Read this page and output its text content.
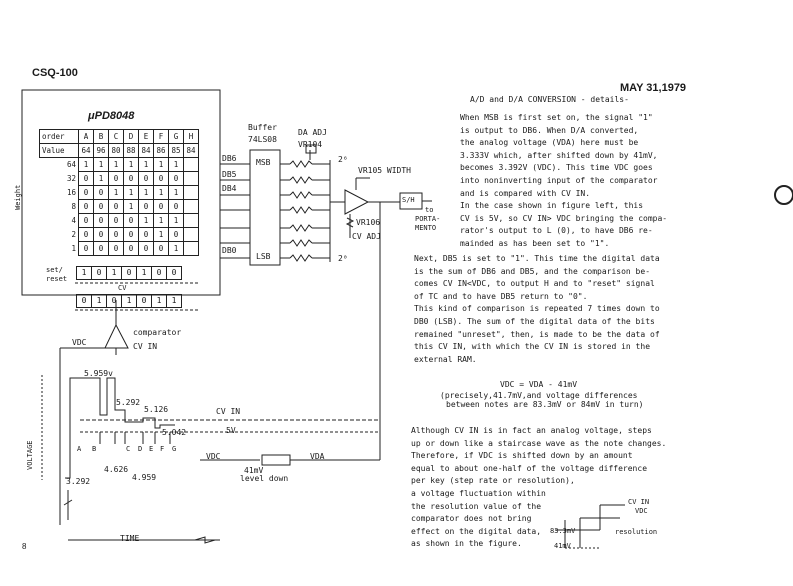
CSQ-100
MAY 31,1979
A/D and D/A CONVERSION - details-
8
μPD8048
order	A	B	C	D	E	F	G	H
Value	64	96	80	88	84	86	85	84
64	1	1	1	1	1	1	1	
32	0	1	0	0	0	0	0	
16	0	0	1	1	1	1	1	
8	0	0	0	1	0	0	0	
4	0	0	0	0	1	1	1	
2	0	0	0	0	0	1	0	
1	0	0	0	0	0	0	1	
Weight
set/
reset
1	0	1	0	1	0	0
CV
0	1	0	1	0	1	1
Buffer
74LS08
DA ADJ
VR104
DB6
DB5
DB4
DB0
MSB
LSB
2⁶
2⁰
VR105 WIDTH
VR106
CV ADJ
S/H
to
PORTA-
MENTO
comparator
CV IN
VDC
5.959v
5.292
5.126
5.042
CV IN
5V
A B	C D E F G
VDC	VDA
41mV
level down
4.626
4.959
3.292
VOLTAGE
TIME
When MSB is first set on, the signal "1"
is output to DB6. When D/A converted,
the analog voltage (VDA) here must be
3.333V which, after shifted down by 41mV,
becomes 3.392V (VDC). This time VDC goes
into noninverting input of the comparator
and is compared with CV IN.
In the case shown in figure left, this
CV is 5V, so CV IN> VDC bringing the compa-
rator's output to L (0), to have DB6 re-
mainded as has been set to "1".
Next, DB5 is set to "1". This time the digital data
is the sum of DB6 and DB5, and the comparison be-
comes CV IN<VDC, to output H and to "reset" signal
of TC and to have DB5 return to "0".
This kind of comparison is repeated 7 times down to
DB0 (LSB). The sum of the digital data of the bits
remained "unreset", then, is made to be the data of
this CV IN, with which the CV IN is stored in the
external RAM.
VDC = VDA - 41mV
(precisely,41.7mV,and voltage differences
between notes are 83.3mV or 84mV in turn)
Although CV IN is in fact an analog voltage, steps
up or down like a staircase wave as the note changes.
Therefore, if VDC is shifted down by an amount
equal to about one-half of the voltage difference
per key (step rate or resolution),
a voltage fluctuation within
the resolution value of the
comparator does not bring
effect on the digital data,
as shown in the figure.
CV IN
VDC
83.3mV	resolution
41mV
